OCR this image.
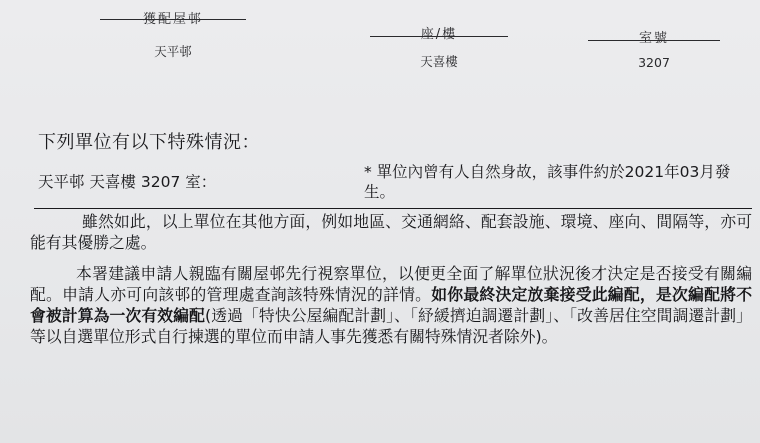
獲配屋邨
天平邨
座/樓
天喜樓
室號
3207
下列單位有以下特殊情況：
天平邨 天喜樓 3207 室：
* 單位內曾有人自然身故，該事件約於2021年03月發生。
雖然如此，以上單位在其他方面，例如地區、交通網絡、配套設施、環境、座向、間隔等，亦可能有其優勝之處。
本署建議申請人親臨有關屋邨先行視察單位，以便更全面了解單位狀況後才決定是否接受有關編配。申請人亦可向該邨的管理處查詢該特殊情況的詳情。如你最終決定放棄接受此編配，是次編配將不會被計算為一次有效編配(透過「特快公屋編配計劃」、「紓緩擠迫調遷計劃」、「改善居住空間調遷計劃」等以自選單位形式自行揀選的單位而申請人事先獲悉有關特殊情況者除外)。
